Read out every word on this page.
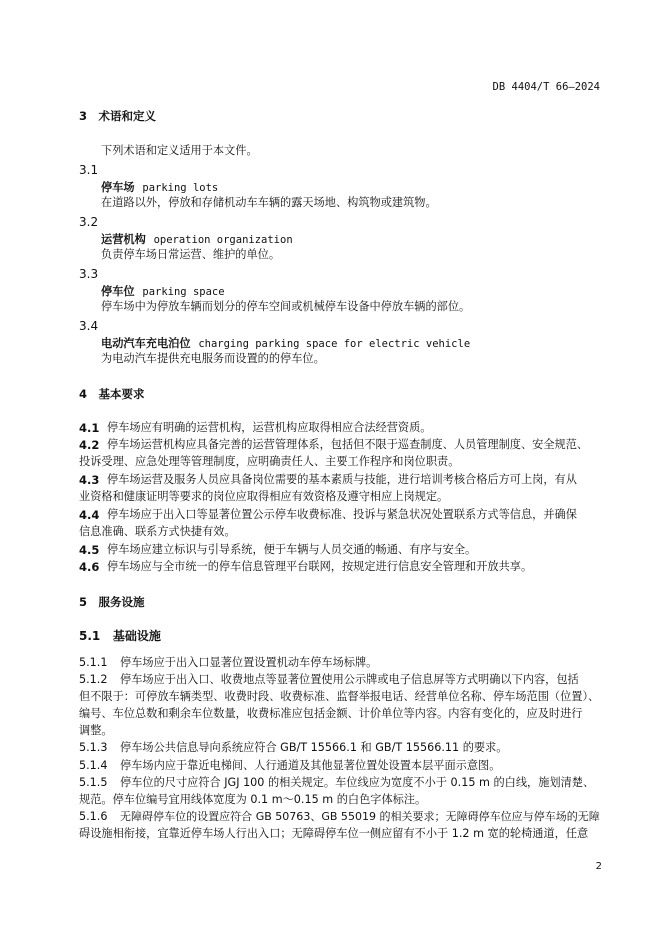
DB 4404/T 66—2024
3　术语和定义
下列术语和定义适用于本文件。
3.1
停车场 parking lots
在道路以外，停放和存储机动车车辆的露天场地、构筑物或建筑物。
3.2
运营机构 operation organization
负责停车场日常运营、维护的单位。
3.3
停车位 parking space
停车场中为停放车辆而划分的停车空间或机械停车设备中停放车辆的部位。
3.4
电动汽车充电泊位 charging parking space for electric vehicle
为电动汽车提供充电服务而设置的的停车位。
4　基本要求
4.1 停车场应有明确的运营机构，运营机构应取得相应合法经营资质。
4.2 停车场运营机构应具备完善的运营管理体系，包括但不限于巡查制度、人员管理制度、安全规范、
投诉受理、应急处理等管理制度，应明确责任人、主要工作程序和岗位职责。
4.3 停车场运营及服务人员应具备岗位需要的基本素质与技能，进行培训考核合格后方可上岗，有从
业资格和健康证明等要求的岗位应取得相应有效资格及遵守相应上岗规定。
4.4 停车场应于出入口等显著位置公示停车收费标准、投诉与紧急状况处置联系方式等信息，并确保
信息准确、联系方式快捷有效。
4.5 停车场应建立标识与引导系统，便于车辆与人员交通的畅通、有序与安全。
4.6 停车场应与全市统一的停车信息管理平台联网，按规定进行信息安全管理和开放共享。
5　服务设施
5.1 基础设施
5.1.1 停车场应于出入口显著位置设置机动车停车场标牌。
5.1.2 停车场应于出入口、收费地点等显著位置使用公示牌或电子信息屏等方式明确以下内容，包括
但不限于：可停放车辆类型、收费时段、收费标准、监督举报电话、经营单位名称、停车场范围（位置）、
编号、车位总数和剩余车位数量，收费标准应包括金额、计价单位等内容。内容有变化的，应及时进行
调整。
5.1.3 停车场公共信息导向系统应符合 GB/T 15566.1 和 GB/T 15566.11 的要求。
5.1.4 停车场内应于靠近电梯间、人行通道及其他显著位置处设置本层平面示意图。
5.1.5 停车位的尺寸应符合 JGJ 100 的相关规定。车位线应为宽度不小于 0.15 m 的白线，施划清楚、
规范。停车位编号宜用线体宽度为 0.1 m～0.15 m 的白色字体标注。
5.1.6 无障碍停车位的设置应符合 GB 50763、GB 55019 的相关要求；无障碍停车位应与停车场的无障
碍设施相衔接，宜靠近停车场人行出入口；无障碍停车位一侧应留有不小于 1.2 m 宽的轮椅通道，任意
2
